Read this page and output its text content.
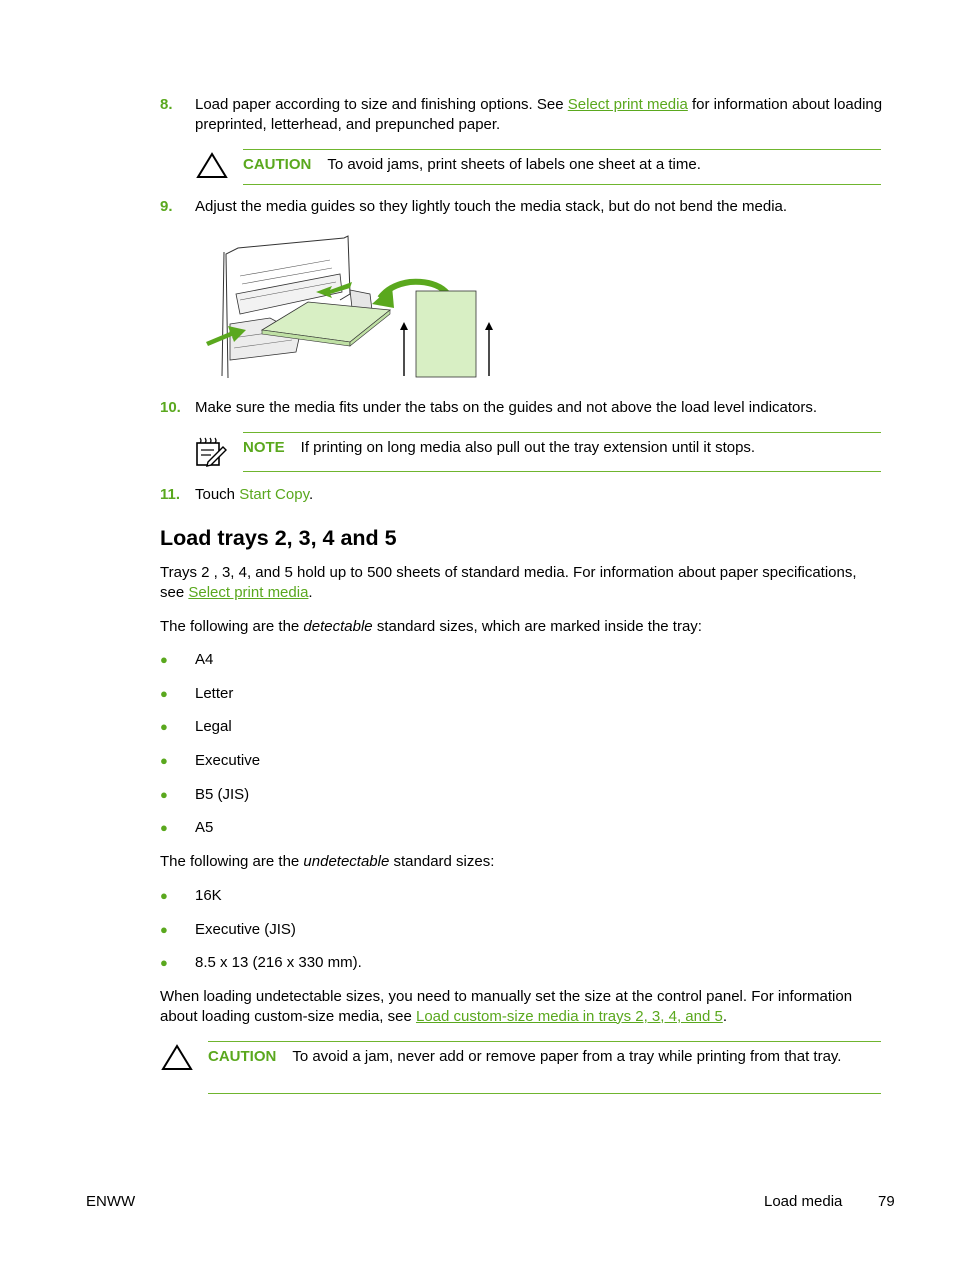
8. Load paper according to size and finishing options. See Select print media for information about loading preprinted, letterhead, and prepunched paper.
CAUTION To avoid jams, print sheets of labels one sheet at a time.
9. Adjust the media guides so they lightly touch the media stack, but do not bend the media.
10. Make sure the media fits under the tabs on the guides and not above the load level indicators.
NOTE If printing on long media also pull out the tray extension until it stops.
11. Touch Start Copy.
Load trays 2, 3, 4 and 5
Trays 2 , 3, 4, and 5 hold up to 500 sheets of standard media. For information about paper specifications, see Select print media.
The following are the detectable standard sizes, which are marked inside the tray:
● A4
● Letter
● Legal
● Executive
● B5 (JIS)
● A5
The following are the undetectable standard sizes:
● 16K
● Executive (JIS)
● 8.5 x 13 (216 x 330 mm).
When loading undetectable sizes, you need to manually set the size at the control panel. For information about loading custom-size media, see Load custom-size media in trays 2, 3, 4, and 5.
CAUTION To avoid a jam, never add or remove paper from a tray while printing from that tray.
ENWW	Load media 79
